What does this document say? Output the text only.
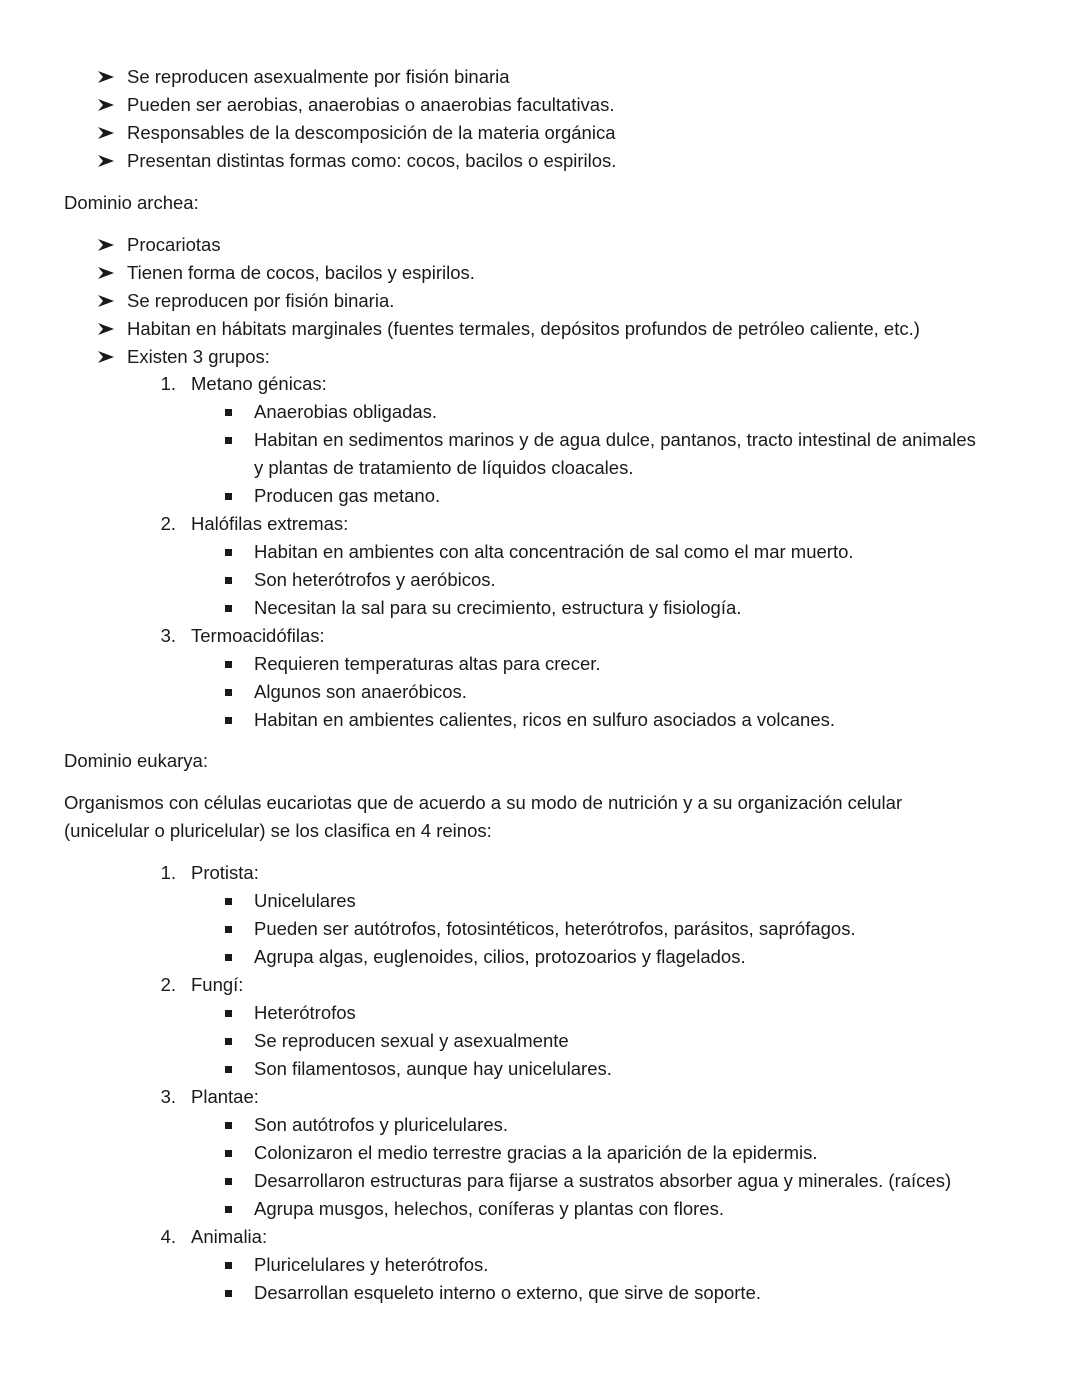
Se reproducen asexualmente por fisión binaria
Pueden ser aerobias, anaerobias o anaerobias facultativas.
Responsables de la descomposición de la materia orgánica
Presentan distintas formas como: cocos, bacilos o espirilos.
Dominio archea:
Procariotas
Tienen forma de cocos, bacilos y espirilos.
Se reproducen por fisión binaria.
Habitan en hábitats marginales (fuentes termales, depósitos profundos de petróleo caliente, etc.)
Existen 3 grupos:
1. Metano génicas:
Anaerobias obligadas.
Habitan en sedimentos marinos y de agua dulce, pantanos, tracto intestinal de animales
y plantas de tratamiento de líquidos cloacales.
Producen gas metano.
2. Halófilas extremas:
Habitan en ambientes con alta concentración de sal como el mar muerto.
Son heterótrofos y aeróbicos.
Necesitan la sal para su crecimiento, estructura y fisiología.
3. Termoacidófilas:
Requieren temperaturas altas para crecer.
Algunos son anaeróbicos.
Habitan en ambientes calientes, ricos en sulfuro asociados a volcanes.
Dominio eukarya:
Organismos con células eucariotas que de acuerdo a su modo de nutrición y a su organización celular
(unicelular o pluricelular) se los clasifica en 4 reinos:
1. Protista:
Unicelulares
Pueden ser autótrofos, fotosintéticos, heterótrofos, parásitos, saprófagos.
Agrupa algas, euglenoides, cilios, protozoarios y flagelados.
2. Fungí:
Heterótrofos
Se reproducen sexual y asexualmente
Son filamentosos, aunque hay unicelulares.
3. Plantae:
Son autótrofos y pluricelulares.
Colonizaron el medio terrestre gracias a la aparición de la epidermis.
Desarrollaron estructuras para fijarse a sustratos absorber agua y minerales. (raíces)
Agrupa musgos, helechos, coníferas y plantas con flores.
4. Animalia:
Pluricelulares y heterótrofos.
Desarrollan esqueleto interno o externo, que sirve de soporte.
